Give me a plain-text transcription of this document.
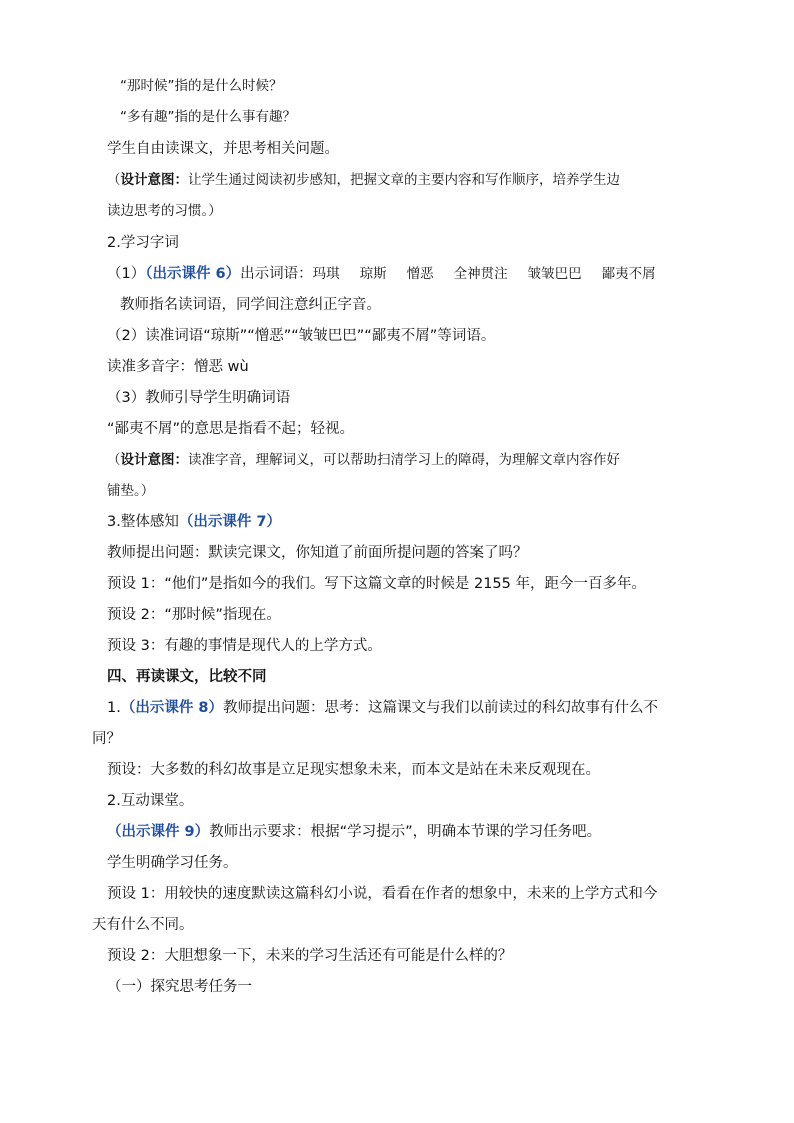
“那时候”指的是什么时候？
“多有趣”指的是什么事有趣？
学生自由读课文，并思考相关问题。
（设计意图：让学生通过阅读初步感知，把握文章的主要内容和写作顺序，培养学生边
读边思考的习惯。）
2.学习字词
（1）（出示课件 6）出示词语：玛琪 琼斯 憎恶 全神贯注 皱皱巴巴 鄙夷不屑
教师指名读词语，同学间注意纠正字音。
（2）读准词语“琼斯”“憎恶”“皱皱巴巴”“鄙夷不屑”等词语。
读准多音字：憎恶 wù
（3）教师引导学生明确词语
“鄙夷不屑”的意思是指看不起；轻视。
（设计意图：读准字音，理解词义，可以帮助扫清学习上的障碍，为理解文章内容作好
铺垫。）
3.整体感知（出示课件 7）
教师提出问题：默读完课文，你知道了前面所提问题的答案了吗？
预设 1：“他们”是指如今的我们。写下这篇文章的时候是 2155 年，距今一百多年。
预设 2：“那时候”指现在。
预设 3：有趣的事情是现代人的上学方式。
四、再读课文，比较不同
1.（出示课件 8）教师提出问题：思考：这篇课文与我们以前读过的科幻故事有什么不
同？
预设：大多数的科幻故事是立足现实想象未来，而本文是站在未来反观现在。
2.互动课堂。
（出示课件 9）教师出示要求：根据“学习提示”，明确本节课的学习任务吧。
学生明确学习任务。
预设 1：用较快的速度默读这篇科幻小说，看看在作者的想象中，未来的上学方式和今
天有什么不同。
预设 2：大胆想象一下，未来的学习生活还有可能是什么样的？
（一）探究思考任务一
